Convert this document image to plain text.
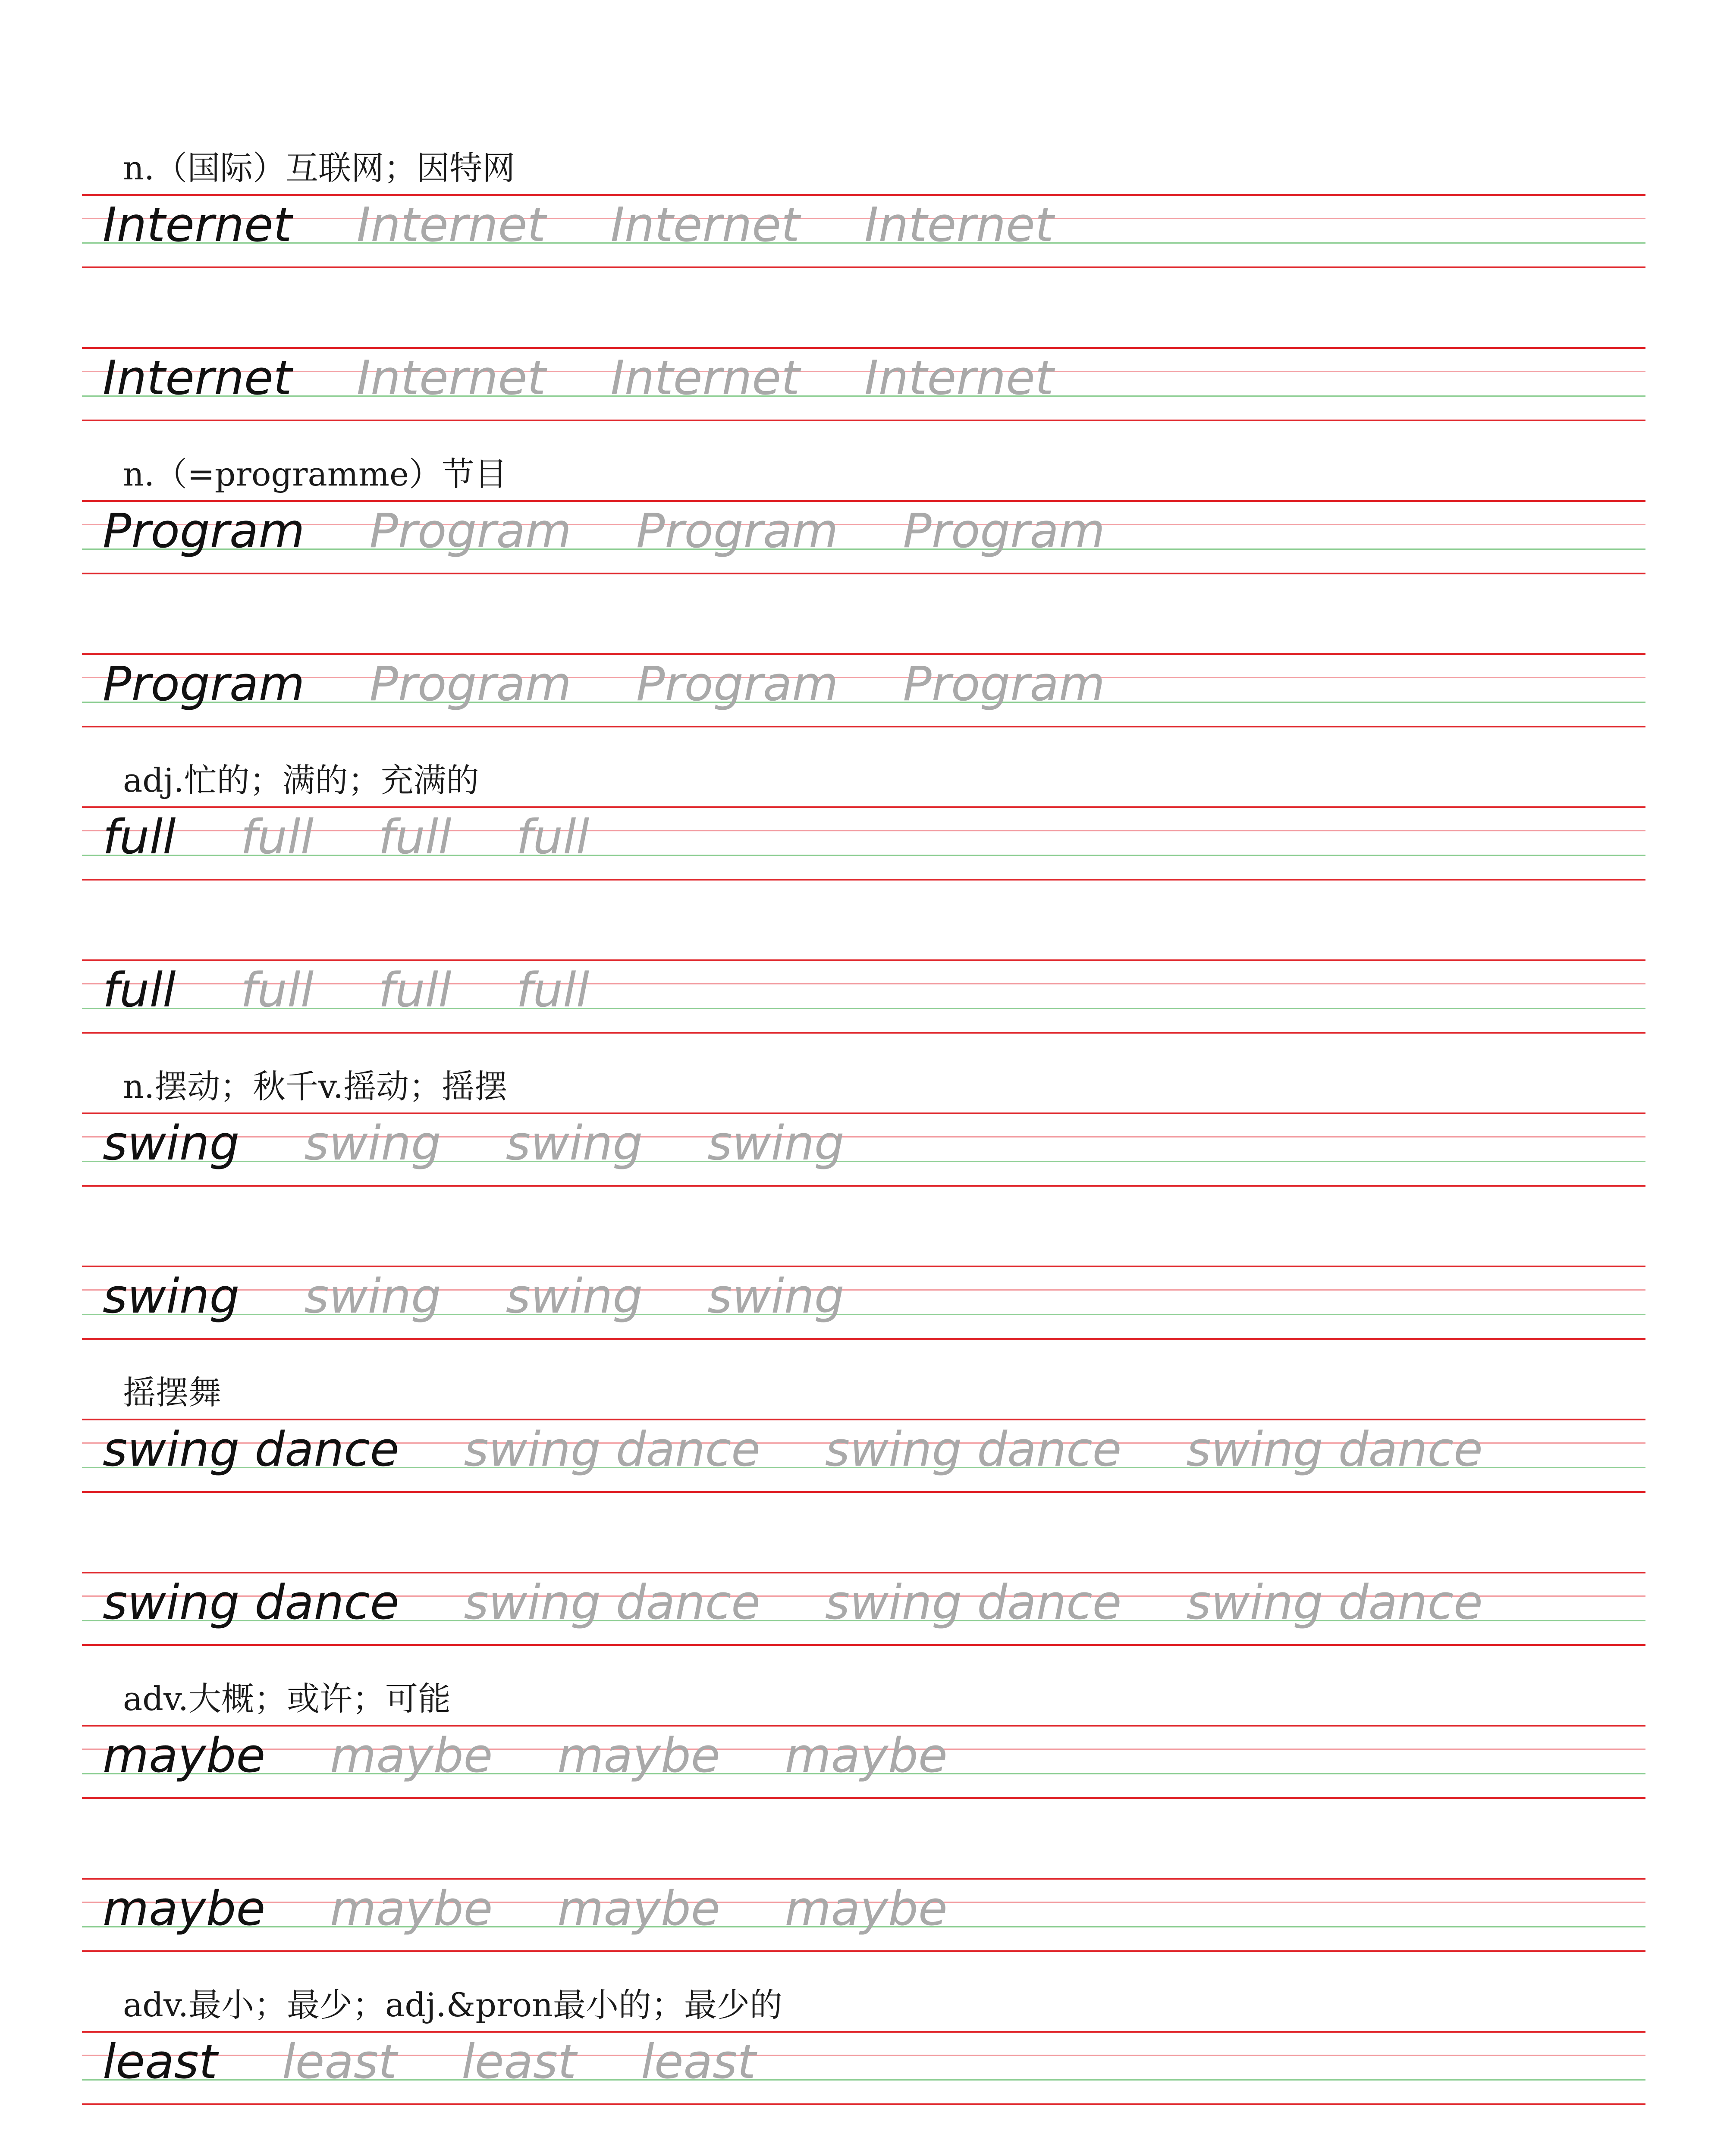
n.（国际）互联网；因特网
Internet Internet Internet Internet
Internet Internet Internet Internet
n.（=programme）节目
Program Program Program Program
Program Program Program Program
adj.忙的；满的；充满的
full full full full
full full full full
n.摆动；秋千v.摇动；摇摆
swing swing swing swing
swing swing swing swing
摇摆舞
swing dance swing dance swing dance swing dance
swing dance swing dance swing dance swing dance
adv.大概；或许；可能
maybe maybe maybe maybe
maybe maybe maybe maybe
adv.最小；最少；adj.&pron最小的；最少的
least least least least
